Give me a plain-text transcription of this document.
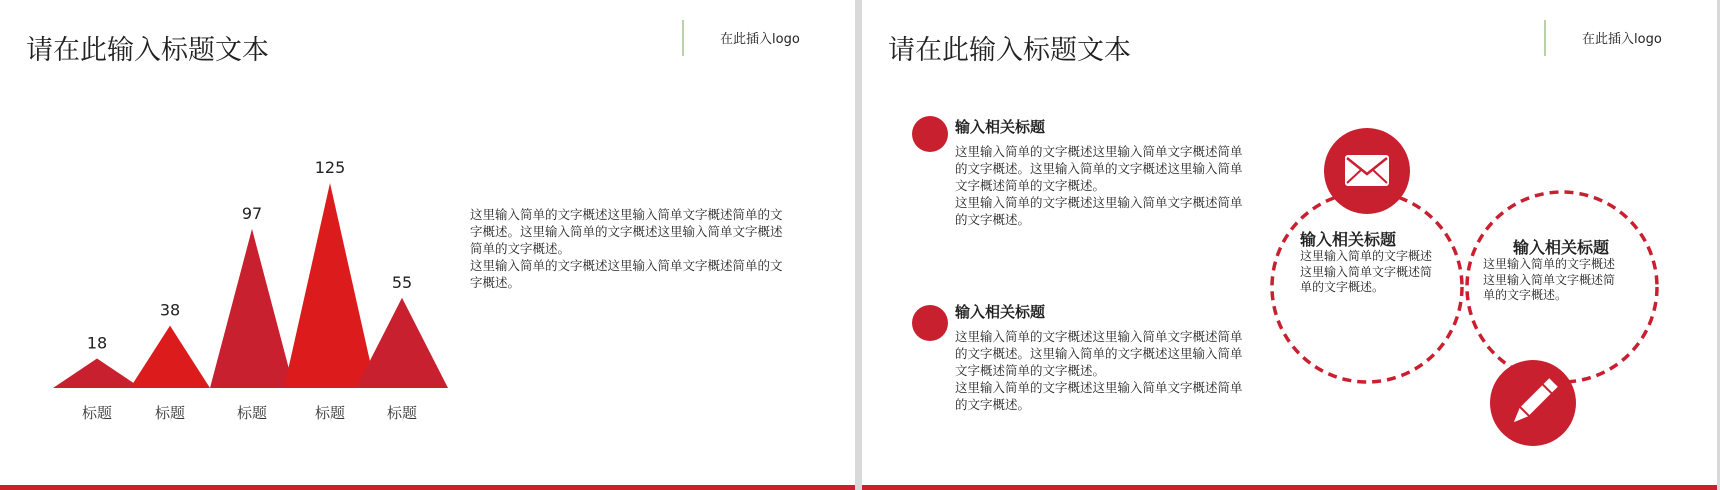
请在此输入标题文本	在此插入logo
18
标题
38
标题
97
标题
125
标题
55
标题
这里输入简单的文字概述这里输入简单文字概述简单的文字概述。这里输入简单的文字概述这里输入简单文字概述简单的文字概述。
这里输入简单的文字概述这里输入简单文字概述简单的文字概述。
请在此输入标题文本	在此插入logo
输入相关标题
这里输入简单的文字概述这里输入简单文字概述简单的文字概述。这里输入简单的文字概述这里输入简单文字概述简单的文字概述。
这里输入简单的文字概述这里输入简单文字概述简单的文字概述。
输入相关标题
这里输入简单的文字概述这里输入简单文字概述简单的文字概述。这里输入简单的文字概述这里输入简单文字概述简单的文字概述。
这里输入简单的文字概述这里输入简单文字概述简单的文字概述。
输入相关标题
这里输入简单的文字概述这里输入简单文字概述简单的文字概述。
输入相关标题
这里输入简单的文字概述这里输入简单文字概述简单的文字概述。
